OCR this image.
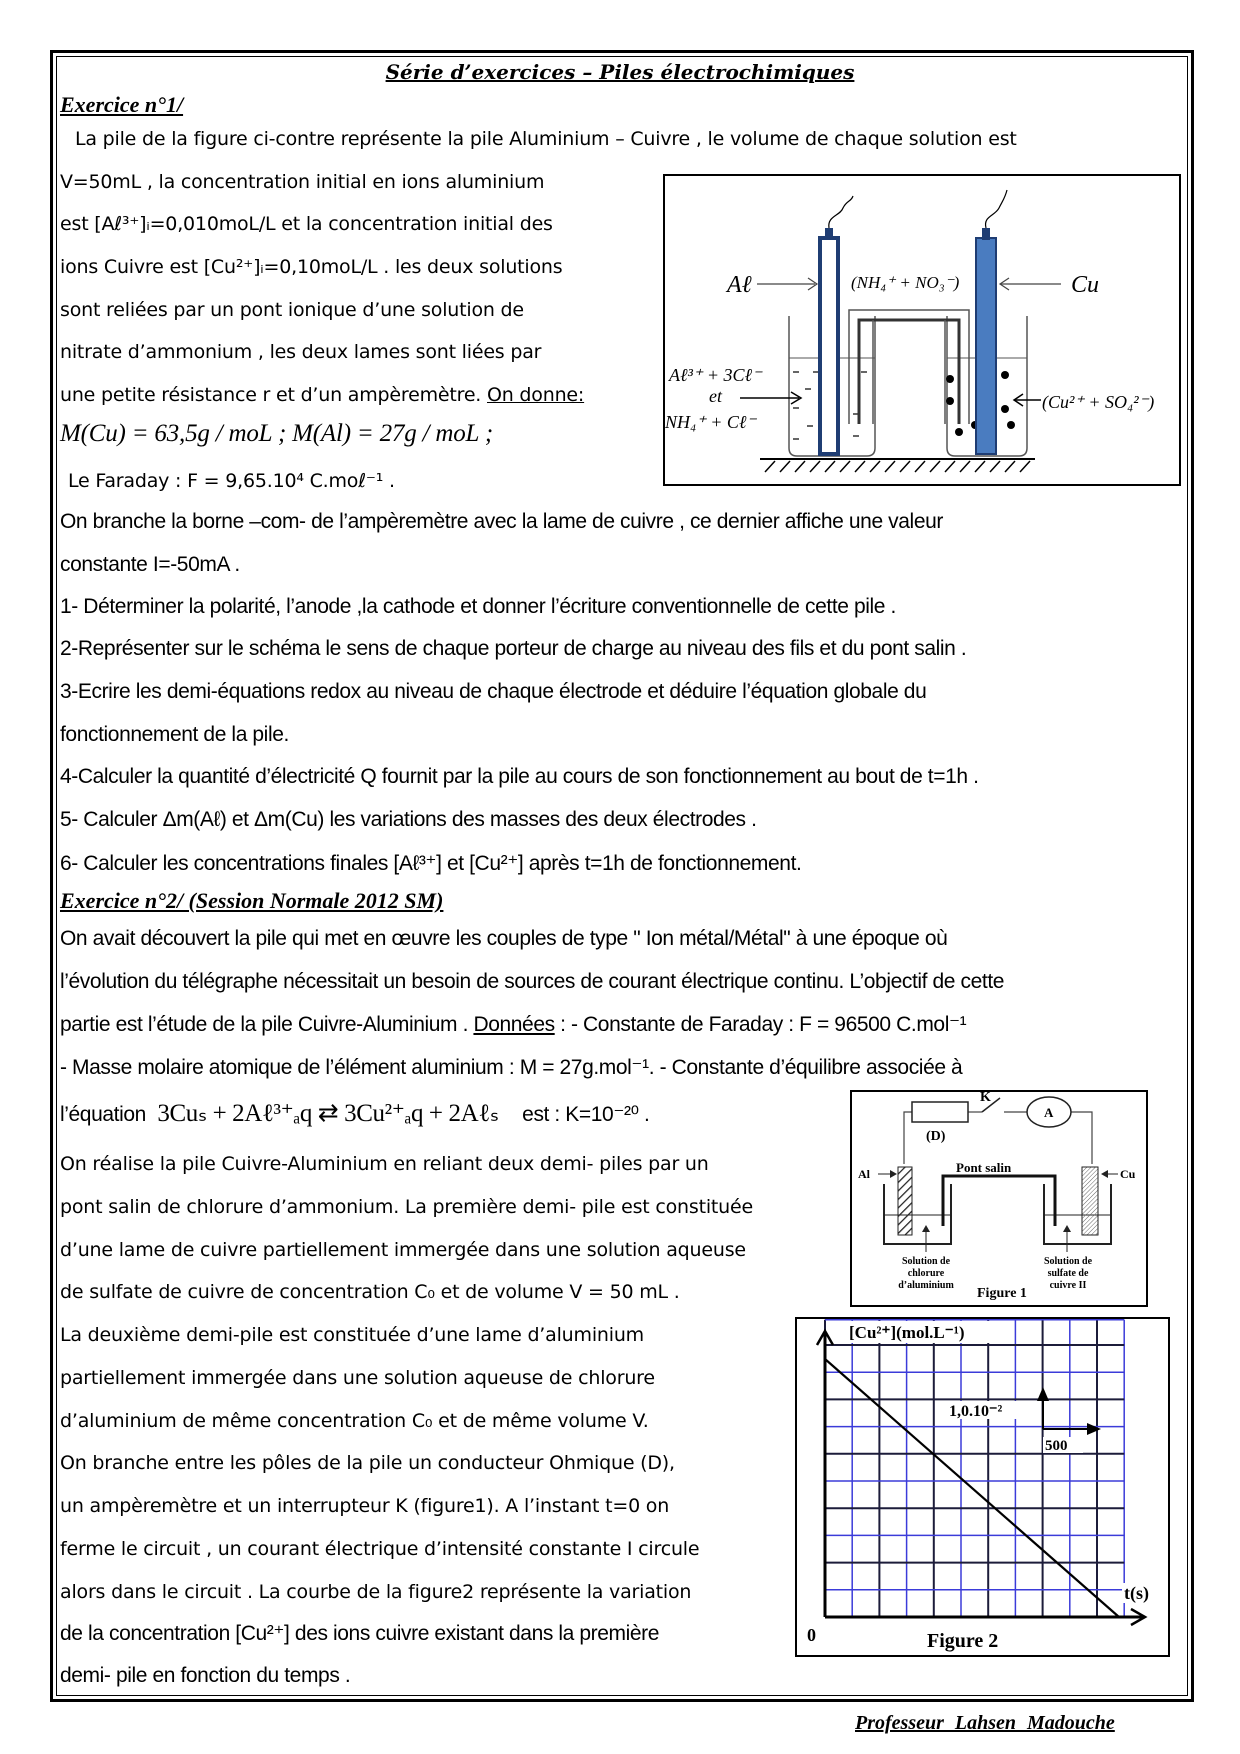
Série d’exercices – Piles électrochimiques
Exercice n°1/
La pile de la figure ci-contre représente la pile Aluminium – Cuivre , le volume de chaque solution est
V=50mL , la concentration initial en ions aluminium
est [Aℓ³⁺]ᵢ=0,010moL/L et la concentration initial des
ions Cuivre est [Cu²⁺]ᵢ=0,10moL/L . les deux solutions
sont reliées par un pont ionique d’une solution de
nitrate d’ammonium , les deux lames sont liées par
une petite résistance r et d’un ampèremètre. On donne:
M(Cu) = 63,5g / moL ; M(Al) = 27g / moL ;
Le Faraday : F = 9,65.10⁴ C.moℓ⁻¹ .
Aℓ	Cu
(NH₄⁺ + NO₃⁻)
Aℓ³⁺ + 3Cℓ⁻
et
NH₄⁺ + Cℓ⁻
(Cu²⁺ + SO₄²⁻)
On branche la borne –com- de l’ampèremètre avec la lame de cuivre , ce dernier affiche une valeur
constante I=-50mA .
1- Déterminer la polarité, l’anode ,la cathode et donner l’écriture conventionnelle de cette pile .
2-Représenter sur le schéma le sens de chaque porteur de charge au niveau des fils et du pont salin .
3-Ecrire les demi-équations redox au niveau de chaque électrode et déduire l’équation globale du
fonctionnement de la pile.
4-Calculer la quantité d’électricité Q fournit par la pile au cours de son fonctionnement au bout de t=1h .
5- Calculer Δm(Aℓ) et Δm(Cu) les variations des masses des deux électrodes .
6- Calculer les concentrations finales [Aℓ³⁺] et [Cu²⁺] après t=1h de fonctionnement.
Exercice n°2/ (Session Normale 2012 SM)
On avait découvert la pile qui met en œuvre les couples de type " Ion métal/Métal" à une époque où
l’évolution du télégraphe nécessitait un besoin de sources de courant électrique continu. L’objectif de cette
partie est l’étude de la pile Cuivre-Aluminium . Données : - Constante de Faraday : F = 96500 C.mol⁻¹
- Masse molaire atomique de l’élément aluminium : M = 27g.mol⁻¹. - Constante d’équilibre associée à
l’équation 3Cuₛ + 2Aℓ³⁺ₐq ⇄ 3Cu²⁺ₐq + 2Aℓₛ est : K=10⁻²⁰ .
On réalise la pile Cuivre-Aluminium en reliant deux demi- piles par un
pont salin de chlorure d’ammonium. La première demi- pile est constituée
d’une lame de cuivre partiellement immergée dans une solution aqueuse
de sulfate de cuivre de concentration C₀ et de volume V = 50 mL .
La deuxième demi-pile est constituée d’une lame d’aluminium
partiellement immergée dans une solution aqueuse de chlorure
d’aluminium de même concentration C₀ et de même volume V.
On branche entre les pôles de la pile un conducteur Ohmique (D),
un ampèremètre et un interrupteur K (figure1). A l’instant t=0 on
ferme le circuit , un courant électrique d’intensité constante I circule
alors dans le circuit . La courbe de la figure2 représente la variation
de la concentration [Cu²⁺] des ions cuivre existant dans la première
demi- pile en fonction du temps .
K
A
(D)
Al	Cu
Pont salin
Solution de
chlorure
d’aluminium
Solution de
sulfate de
cuivre II
Figure 1
[Cu²⁺](mol.L⁻¹)
1,0.10⁻²
500
t(s)
0	Figure 2
Professeur Lahsen Madouche
